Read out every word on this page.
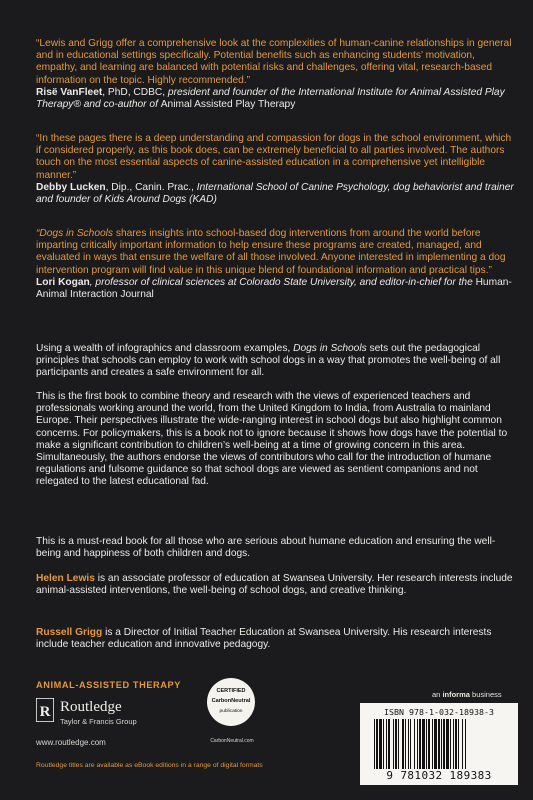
“Lewis and Grigg offer a comprehensive look at the complexities of human-canine relationships in general and in educational settings specifically. Potential benefits such as enhancing students’ motivation, empathy, and learning are balanced with potential risks and challenges, offering vital, research-based information on the topic. Highly recommended.”
Risë VanFleet, PhD, CDBC, president and founder of the International Institute for Animal Assisted Play Therapy® and co-author of Animal Assisted Play Therapy
“In these pages there is a deep understanding and compassion for dogs in the school environment, which if considered properly, as this book does, can be extremely beneficial to all parties involved. The authors touch on the most essential aspects of canine-assisted education in a comprehensive yet intelligible manner.”
Debby Lucken, Dip., Canin. Prac., International School of Canine Psychology, dog behaviorist and trainer and founder of Kids Around Dogs (KAD)
“Dogs in Schools shares insights into school-based dog interventions from around the world before imparting critically important information to help ensure these programs are created, managed, and evaluated in ways that ensure the welfare of all those involved. Anyone interested in implementing a dog intervention program will find value in this unique blend of foundational information and practical tips.”
Lori Kogan, professor of clinical sciences at Colorado State University, and editor-in-chief for the Human-Animal Interaction Journal
Using a wealth of infographics and classroom examples, Dogs in Schools sets out the pedagogical principles that schools can employ to work with school dogs in a way that promotes the well-being of all participants and creates a safe environment for all.
This is the first book to combine theory and research with the views of experienced teachers and professionals working around the world, from the United Kingdom to India, from Australia to mainland Europe. Their perspectives illustrate the wide-ranging interest in school dogs but also highlight common concerns. For policymakers, this is a book not to ignore because it shows how dogs have the potential to make a significant contribution to children’s well-being at a time of growing concern in this area. Simultaneously, the authors endorse the views of contributors who call for the introduction of humane regulations and fulsome guidance so that school dogs are viewed as sentient companions and not relegated to the latest educational fad.
This is a must-read book for all those who are serious about humane education and ensuring the well-being and happiness of both children and dogs.
Helen Lewis is an associate professor of education at Swansea University. Her research interests include animal-assisted interventions, the well-being of school dogs, and creative thinking.
Russell Grigg is a Director of Initial Teacher Education at Swansea University. His research interests include teacher education and innovative pedagogy.
ANIMAL-ASSISTED THERAPY
R Routledge
Taylor & Francis Group
www.routledge.com
CERTIFIED
CarbonNeutral
publication
CarbonNeutral.com
an informa business
ISBN 978-1-032-18938-3
9 781032 189383
Routledge titles are available as eBook editions in a range of digital formats
